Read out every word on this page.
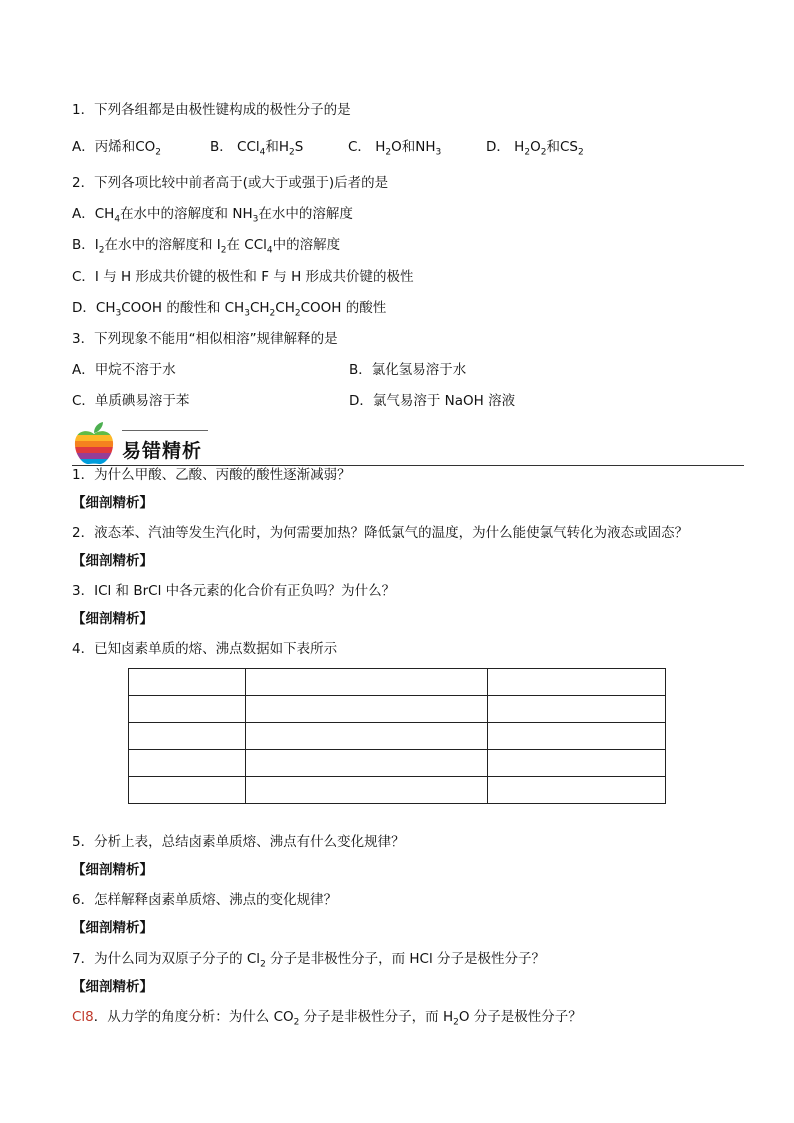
1．下列各组都是由极性键构成的极性分子的是
A．丙烯和$CO_2$	B． CCl$_4$和$H_2S$	C． $H_2O$和$NH_3$	D． $H_2O_2$和$CS_2$
2．下列各项比较中前者高于(或大于或强于)后者的是
A．$CH_4$在水中的溶解度和 $NH_3$在水中的溶解度
B．$I_2$在水中的溶解度和 $I_2$在 CCl$_4$中的溶解度
C．I 与 H 形成共价键的极性和 F 与 H 形成共价键的极性
D．$CH_3COOH$ 的酸性和 $CH_3CH_2CH_2COOH$ 的酸性
3．下列现象不能用“相似相溶”规律解释的是
A．甲烷不溶于水	B．氯化氢易溶于水
C．单质碘易溶于苯	D．氯气易溶于 NaOH 溶液
易错精析
1．为什么甲酸、乙酸、丙酸的酸性逐渐减弱？
【细剖精析】
2．液态苯、汽油等发生汽化时，为何需要加热？降低氯气的温度，为什么能使氯气转化为液态或固态？
【细剖精析】
3．ICl 和 BrCl 中各元素的化合价有正负吗？为什么？
【细剖精析】
4．已知卤素单质的熔、沸点数据如下表所示

5．分析上表，总结卤素单质熔、沸点有什么变化规律？
【细剖精析】
6．怎样解释卤素单质熔、沸点的变化规律？
【细剖精析】
7．为什么同为双原子分子的 $Cl_2$ 分子是非极性分子，而 HCl 分子是极性分子？
【细剖精析】
Cl8．从力学的角度分析：为什么 $CO_2$ 分子是非极性分子，而 $H_2O$ 分子是极性分子？
